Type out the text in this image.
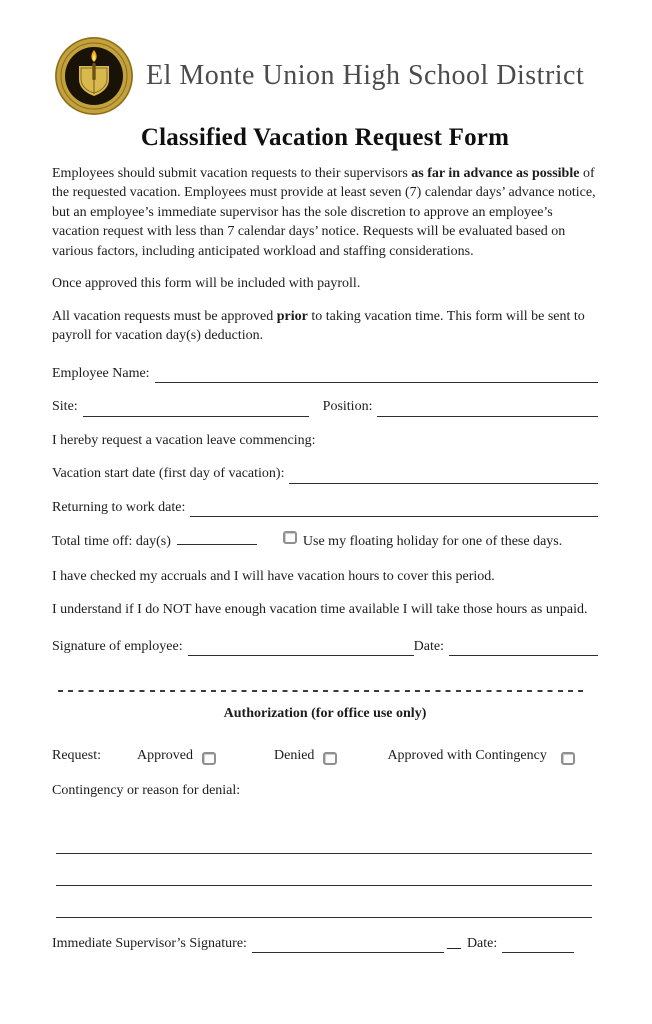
El Monte Union High School District
Classified Vacation Request Form

Employees should submit vacation requests to their supervisors as far in advance as possible of the requested vacation. Employees must provide at least seven (7) calendar days’ advance notice, but an employee’s immediate supervisor has the sole discretion to approve an employee’s vacation request with less than 7 calendar days’ notice. Requests will be evaluated based on various factors, including anticipated workload and staffing considerations.

Once approved this form will be included with payroll.

All vacation requests must be approved prior to taking vacation time. This form will be sent to payroll for vacation day(s) deduction.

Employee Name:
Site:	Position:

I hereby request a vacation leave commencing:

Vacation start date (first day of vacation):
Returning to work date:

Total time off: day(s)	Use my floating holiday for one of these days.

I have checked my accruals and I will have vacation hours to cover this period.

I understand if I do NOT have enough vacation time available I will take those hours as unpaid.

Signature of employee:	Date:
Authorization (for office use only)
Request:	Approved	Denied	Approved with Contingency

Contingency or reason for denial:

Immediate Supervisor’s Signature:	__ Date:
